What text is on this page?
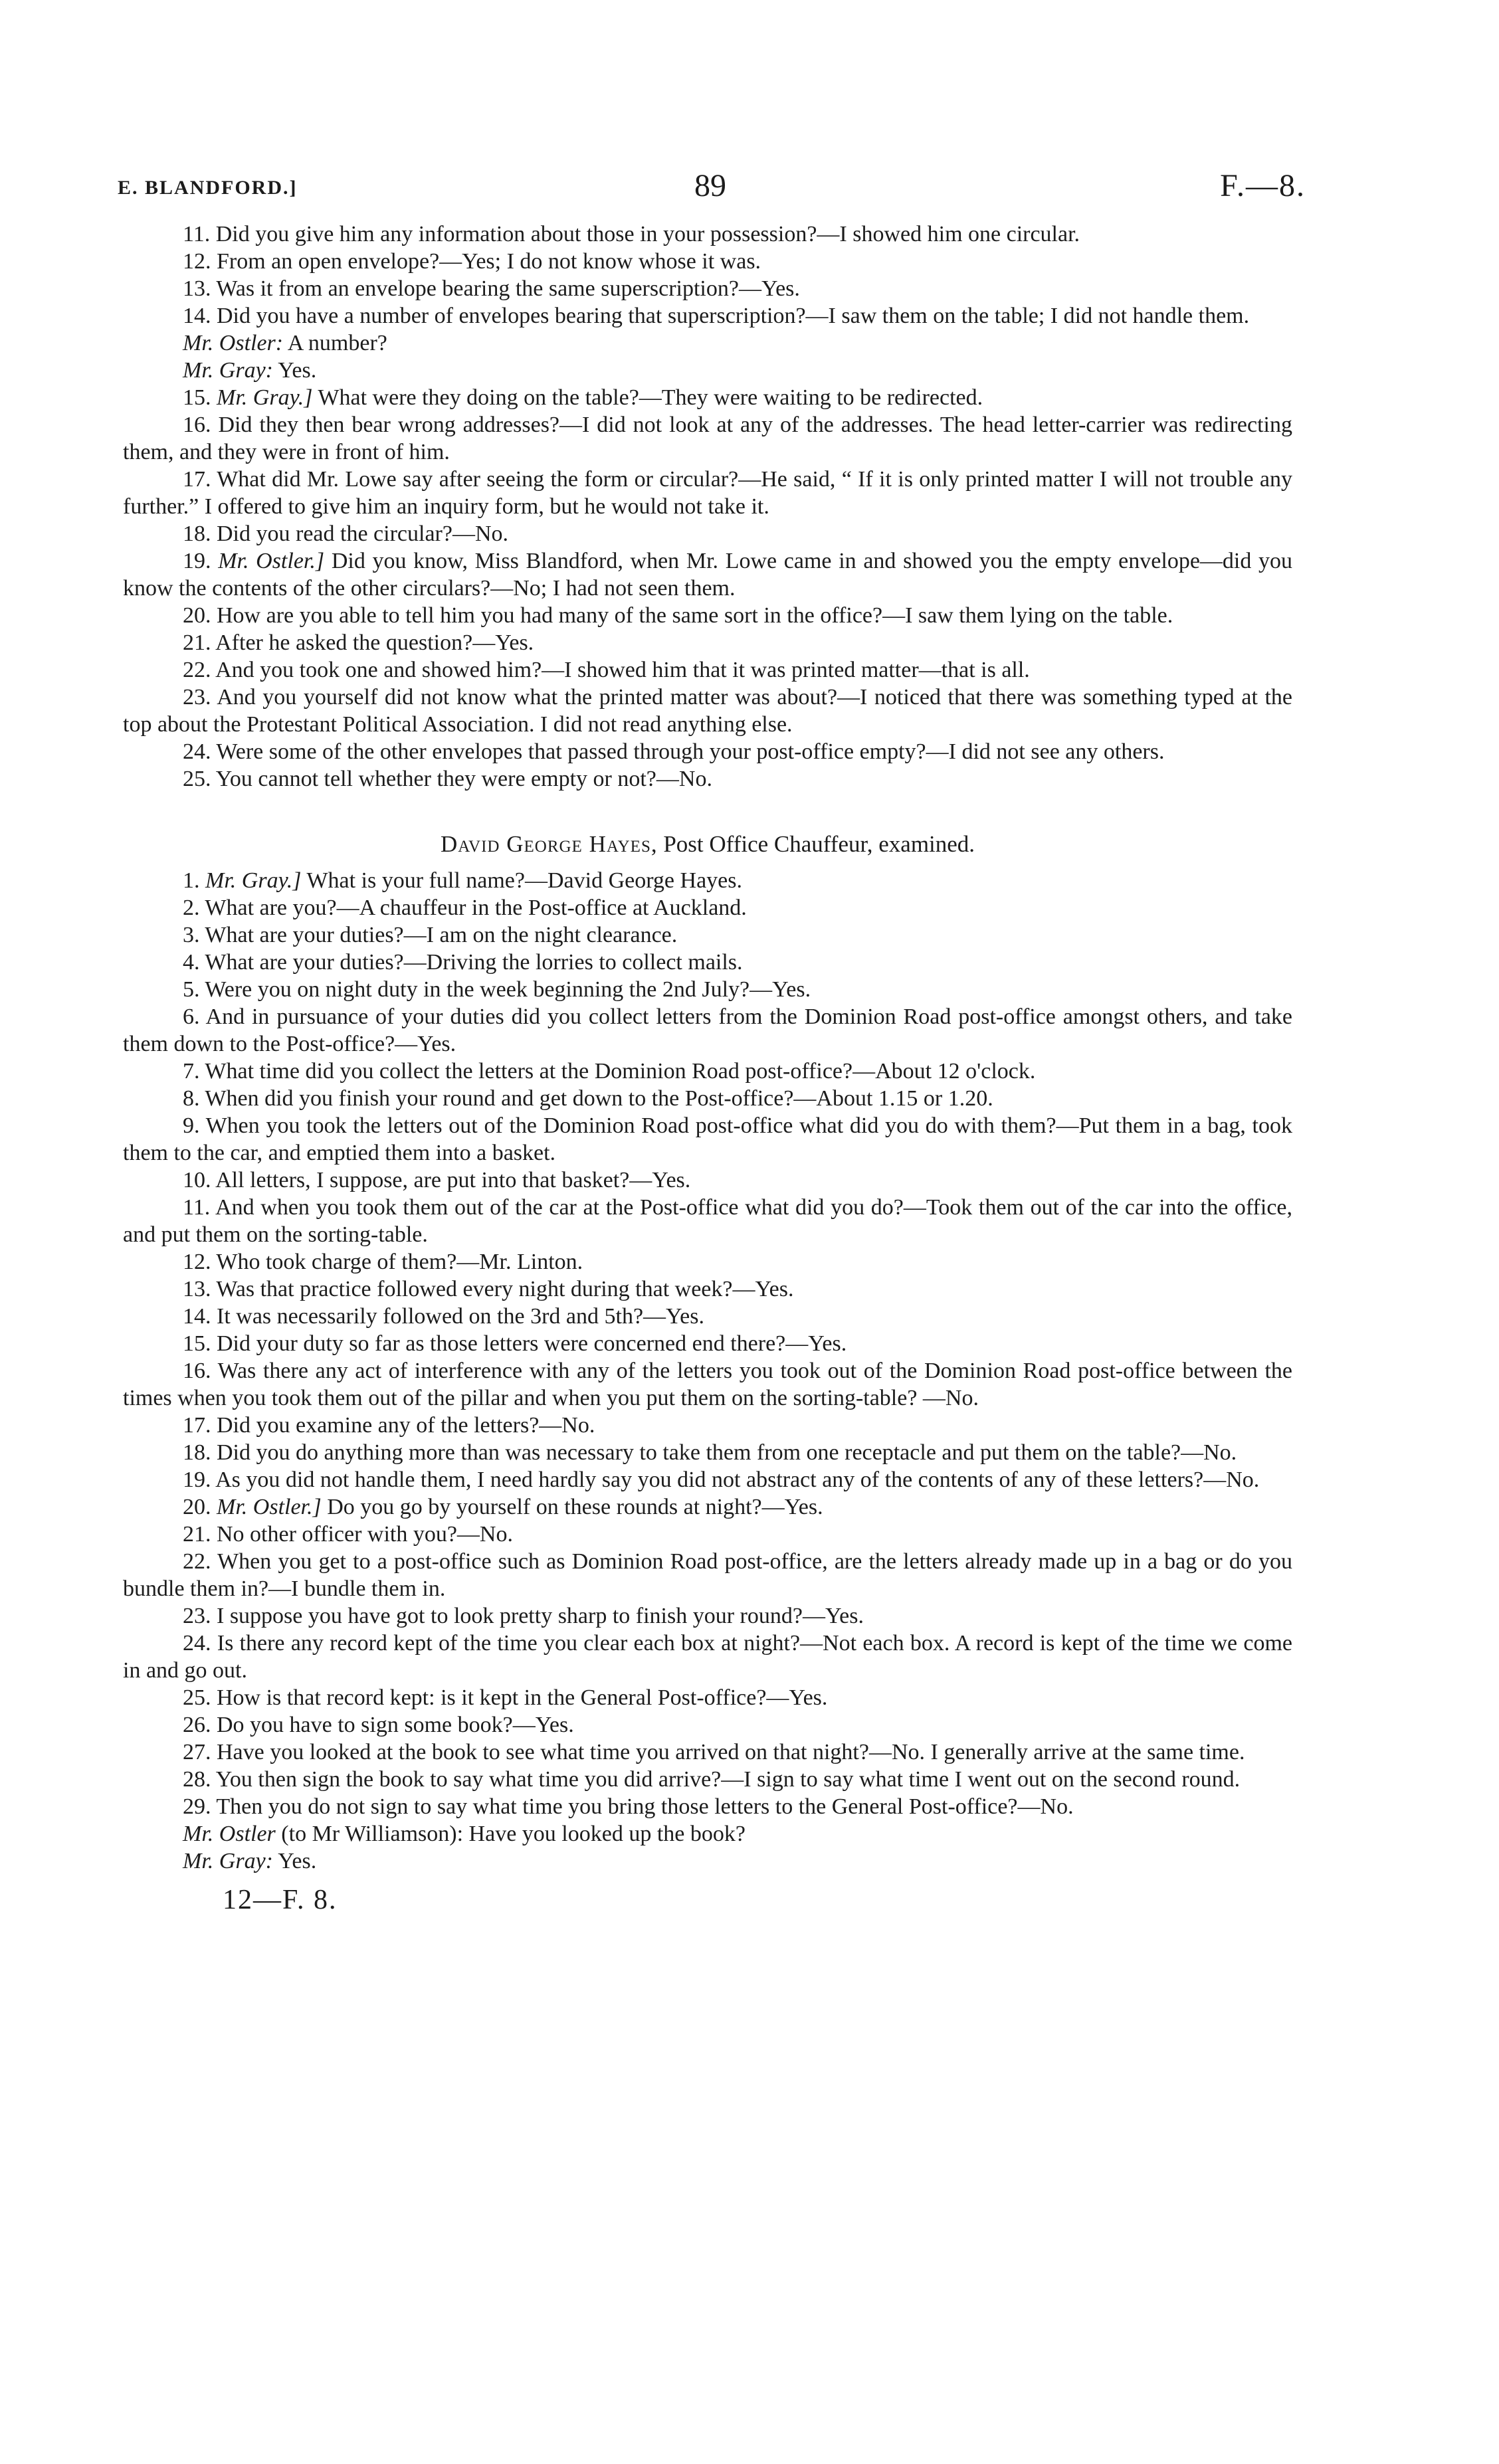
E. BLANDFORD.]	89	F.—8.

11. Did you give him any information about those in your possession?—I showed him one circular.

12. From an open envelope?—Yes; I do not know whose it was.

13. Was it from an envelope bearing the same superscription?—Yes.

14. Did you have a number of envelopes bearing that superscription?—I saw them on the table; I did not handle them.

Mr. Ostler: A number?

Mr. Gray: Yes.

15. Mr. Gray.] What were they doing on the table?—They were waiting to be redirected.

16. Did they then bear wrong addresses?—I did not look at any of the addresses. The head letter-carrier was redirecting them, and they were in front of him.

17. What did Mr. Lowe say after seeing the form or circular?—He said, “ If it is only printed matter I will not trouble any further.” I offered to give him an inquiry form, but he would not take it.

18. Did you read the circular?—No.

19. Mr. Ostler.] Did you know, Miss Blandford, when Mr. Lowe came in and showed you the empty envelope—did you know the contents of the other circulars?—No; I had not seen them.

20. How are you able to tell him you had many of the same sort in the office?—I saw them lying on the table.

21. After he asked the question?—Yes.

22. And you took one and showed him?—I showed him that it was printed matter—that is all.

23. And you yourself did not know what the printed matter was about?—I noticed that there was something typed at the top about the Protestant Political Association. I did not read anything else.

24. Were some of the other envelopes that passed through your post-office empty?—I did not see any others.

25. You cannot tell whether they were empty or not?—No.

David George Hayes, Post Office Chauffeur, examined.

1. Mr. Gray.] What is your full name?—David George Hayes.

2. What are you?—A chauffeur in the Post-office at Auckland.

3. What are your duties?—I am on the night clearance.

4. What are your duties?—Driving the lorries to collect mails.

5. Were you on night duty in the week beginning the 2nd July?—Yes.

6. And in pursuance of your duties did you collect letters from the Dominion Road post-office amongst others, and take them down to the Post-office?—Yes.

7. What time did you collect the letters at the Dominion Road post-office?—About 12 o'clock.

8. When did you finish your round and get down to the Post-office?—About 1.15 or 1.20.

9. When you took the letters out of the Dominion Road post-office what did you do with them?—Put them in a bag, took them to the car, and emptied them into a basket.

10. All letters, I suppose, are put into that basket?—Yes.

11. And when you took them out of the car at the Post-office what did you do?—Took them out of the car into the office, and put them on the sorting-table.

12. Who took charge of them?—Mr. Linton.

13. Was that practice followed every night during that week?—Yes.

14. It was necessarily followed on the 3rd and 5th?—Yes.

15. Did your duty so far as those letters were concerned end there?—Yes.

16. Was there any act of interference with any of the letters you took out of the Dominion Road post-office between the times when you took them out of the pillar and when you put them on the sorting-table? —No.

17. Did you examine any of the letters?—No.

18. Did you do anything more than was necessary to take them from one receptacle and put them on the table?—No.

19. As you did not handle them, I need hardly say you did not abstract any of the contents of any of these letters?—No.

20. Mr. Ostler.] Do you go by yourself on these rounds at night?—Yes.

21. No other officer with you?—No.

22. When you get to a post-office such as Dominion Road post-office, are the letters already made up in a bag or do you bundle them in?—I bundle them in.

23. I suppose you have got to look pretty sharp to finish your round?—Yes.

24. Is there any record kept of the time you clear each box at night?—Not each box. A record is kept of the time we come in and go out.

25. How is that record kept: is it kept in the General Post-office?—Yes.

26. Do you have to sign some book?—Yes.

27. Have you looked at the book to see what time you arrived on that night?—No. I generally arrive at the same time.

28. You then sign the book to say what time you did arrive?—I sign to say what time I went out on the second round.

29. Then you do not sign to say what time you bring those letters to the General Post-office?—No.

Mr. Ostler (to Mr Williamson): Have you looked up the book?

Mr. Gray: Yes.

12—F. 8.
